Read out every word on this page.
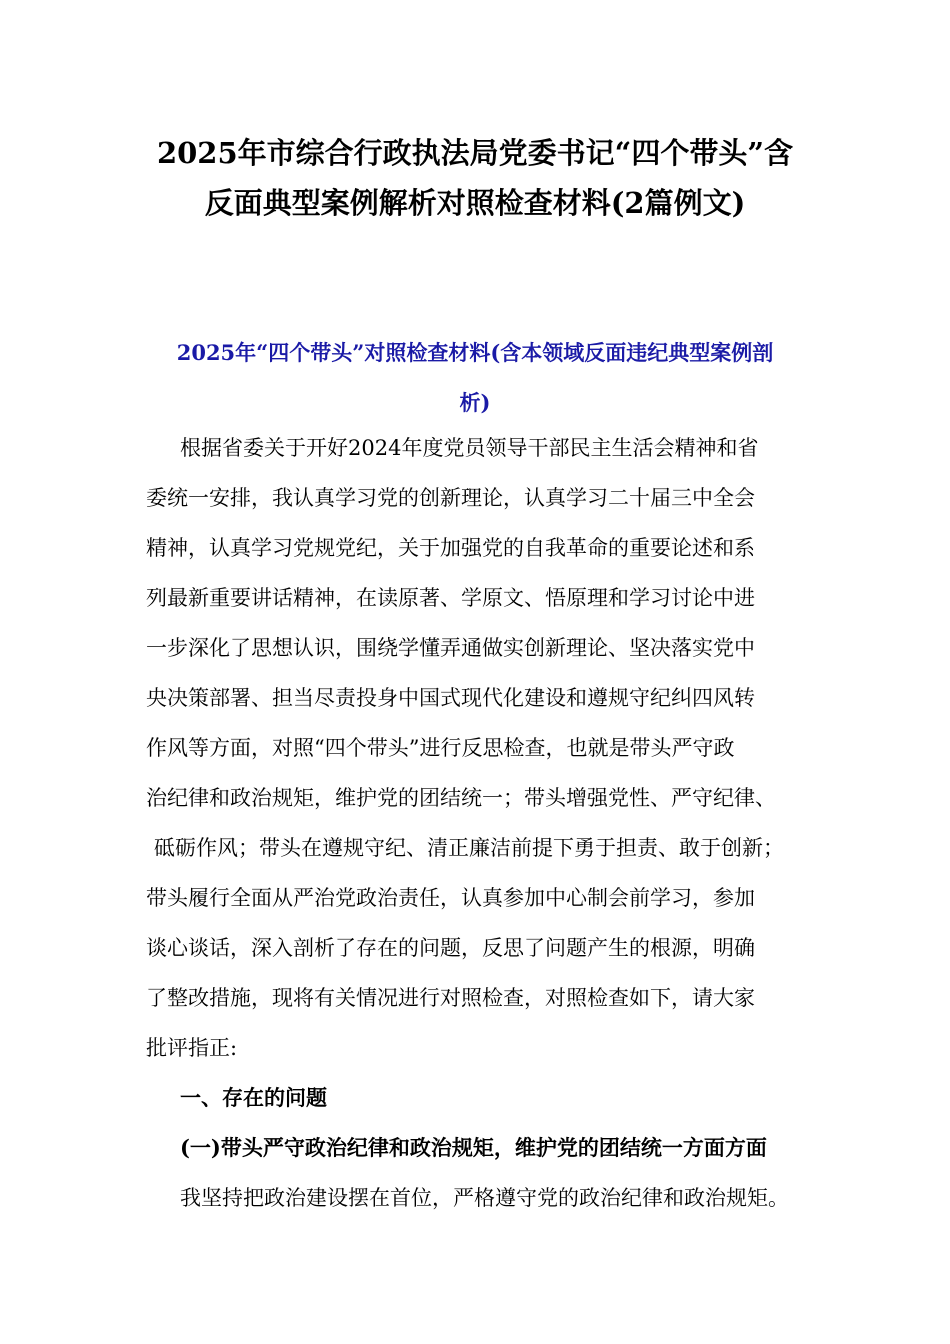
2025年市综合行政执法局党委书记“四个带头”含
反面典型案例解析对照检查材料(2篇例文)
2025年“四个带头”对照检查材料(含本领域反面违纪典型案例剖
析)

根据省委关于开好2024年度党员领导干部民主生活会精神和省

委统一安排，我认真学习党的创新理论，认真学习二十届三中全会

精神，认真学习党规党纪，关于加强党的自我革命的重要论述和系

列最新重要讲话精神，在读原著、学原文、悟原理和学习讨论中进

一步深化了思想认识，围绕学懂弄通做实创新理论、坚决落实党中

央决策部署、担当尽责投身中国式现代化建设和遵规守纪纠四风转

作风等方面，对照“四个带头”进行反思检查，也就是带头严守政

治纪律和政治规矩，维护党的团结统一；带头增强党性、严守纪律、

砥砺作风；带头在遵规守纪、清正廉洁前提下勇于担责、敢于创新；

带头履行全面从严治党政治责任，认真参加中心制会前学习，参加

谈心谈话，深入剖析了存在的问题，反思了问题产生的根源，明确

了整改措施，现将有关情况进行对照检查，对照检查如下，请大家

批评指正:

一、存在的问题

(一)带头严守政治纪律和政治规矩，维护党的团结统一方面方面

我坚持把政治建设摆在首位，严格遵守党的政治纪律和政治规矩。
